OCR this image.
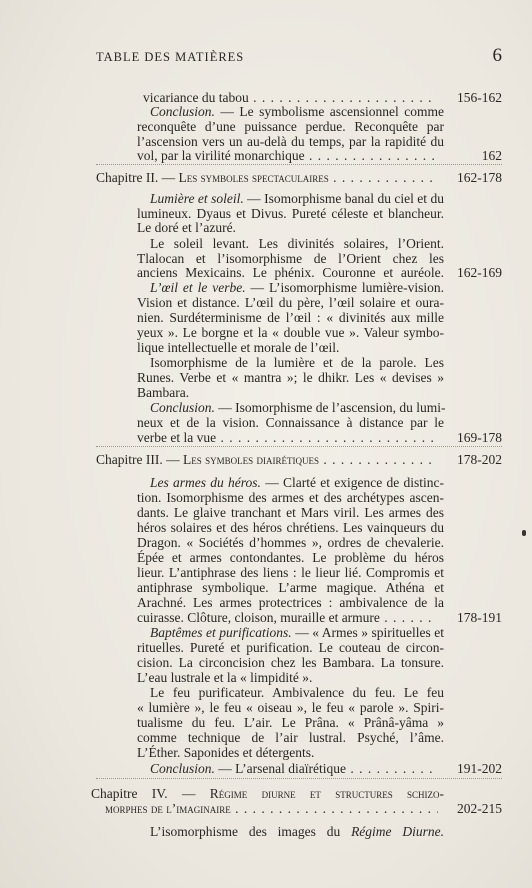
TABLE DES MATIÈRES	6

vicariance du tabou . . .	156-162

Conclusion. — Le symbolisme ascensionnel comme

reconquête d’une puissance perdue. Reconquête par

l’ascension vers un au-delà du temps, par la rapidité du

vol, par la virilité monarchique . . .	162

Chapitre II. — Les symboles spectaculaires . . .	162-178

Lumière et soleil. — Isomorphisme banal du ciel et du

lumineux. Dyaus et Divus. Pureté céleste et blancheur.

Le doré et l’azuré.

Le soleil levant. Les divinités solaires, l’Orient.

Tlalocan et l’isomorphisme de l’Orient chez les

anciens Mexicains. Le phénix. Couronne et auréole. 162-169

L’œil et le verbe. — L’isomorphisme lumière-vision.

Vision et distance. L’œil du père, l’œil solaire et oura-

nien. Surdéterminisme de l’œil : « divinités aux mille

yeux ». Le borgne et la « double vue ». Valeur symbo-

lique intellectuelle et morale de l’œil.

Isomorphisme de la lumière et de la parole. Les

Runes. Verbe et « mantra »; le dhikr. Les « devises »

Bambara.

Conclusion. — Isomorphisme de l’ascension, du lumi-

neux et de la vision. Connaissance à distance par le

verbe et la vue . . .	169-178

Chapitre III. — Les symboles diairétiques . . .	178-202

Les armes du héros. — Clarté et exigence de distinc-

tion. Isomorphisme des armes et des archétypes ascen-

dants. Le glaive tranchant et Mars viril. Les armes des

héros solaires et des héros chrétiens. Les vainqueurs du

Dragon. « Sociétés d’hommes », ordres de chevalerie.

Épée et armes contondantes. Le problème du héros

lieur. L’antiphrase des liens : le lieur lié. Compromis et

antiphrase symbolique. L’arme magique. Athéna et

Arachné. Les armes protectrices : ambivalence de la

cuirasse. Clôture, cloison, muraille et armure . . .	178-191

Baptêmes et purifications. — « Armes » spirituelles et

rituelles. Pureté et purification. Le couteau de circon-

cision. La circoncision chez les Bambara. La tonsure.

L’eau lustrale et la « limpidité ».

Le feu purificateur. Ambivalence du feu. Le feu

« lumière », le feu « oiseau », le feu « parole ». Spiri-

tualisme du feu. L’air. Le Prâna. « Prânâ-yâma »

comme technique de l’air lustral. Psyché, l’âme.

L’Éther. Saponides et détergents.

Conclusion. — L’arsenal diaïrétique . . .	191-202

Chapitre IV. — Régime diurne et structures schizo-

morphes de l’imaginaire . . .	202-215

L’isomorphisme des images du Régime Diurne.
